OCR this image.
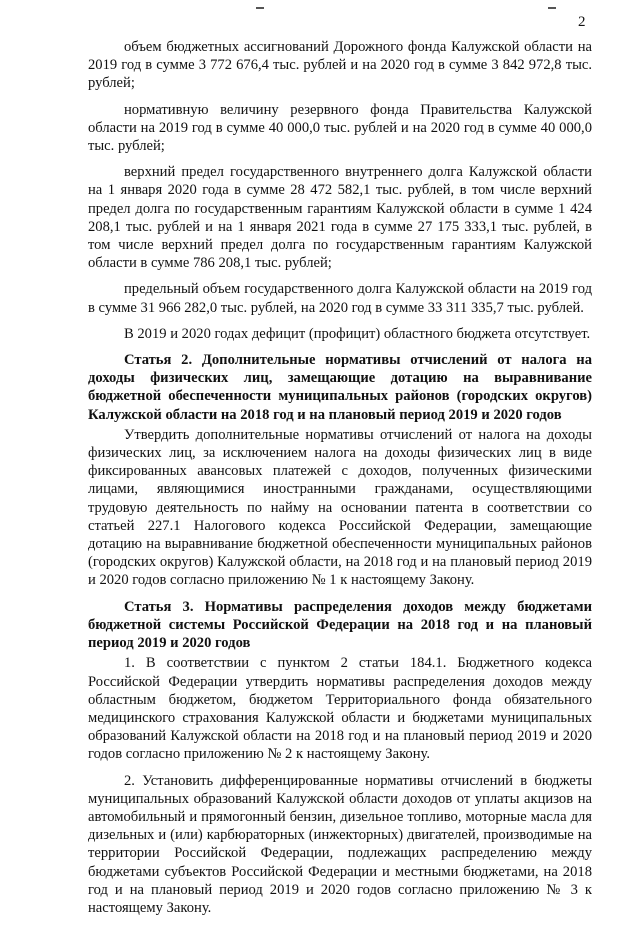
2

объем бюджетных ассигнований Дорожного фонда Калужской области на 2019 год в сумме 3 772 676,4 тыс. рублей и на 2020 год в сумме 3 842 972,8 тыс. рублей;

нормативную величину резервного фонда Правительства Калужской области на 2019 год в сумме 40 000,0 тыс. рублей и на 2020 год в сумме 40 000,0 тыс. рублей;

верхний предел государственного внутреннего долга Калужской области на 1 января 2020 года в сумме 28 472 582,1 тыс. рублей, в том числе верхний предел долга по государственным гарантиям Калужской области в сумме 1 424 208,1 тыс. рублей и на 1 января 2021 года в сумме 27 175 333,1 тыс. рублей, в том числе верхний предел долга по государственным гарантиям Калужской области в сумме 786 208,1 тыс. рублей;

предельный объем государственного долга Калужской области на 2019 год в сумме 31 966 282,0 тыс. рублей, на 2020 год в сумме 33 311 335,7 тыс. рублей.

В 2019 и 2020 годах дефицит (профицит) областного бюджета отсутствует.

Статья 2. Дополнительные нормативы отчислений от налога на доходы физических лиц, замещающие дотацию на выравнивание бюджетной обеспеченности муниципальных районов (городских округов) Калужской области на 2018 год и на плановый период 2019 и 2020 годов

Утвердить дополнительные нормативы отчислений от налога на доходы физических лиц, за исключением налога на доходы физических лиц в виде фиксированных авансовых платежей с доходов, полученных физическими лицами, являющимися иностранными гражданами, осуществляющими трудовую деятельность по найму на основании патента в соответствии со статьей 227.1 Налогового кодекса Российской Федерации, замещающие дотацию на выравнивание бюджетной обеспеченности муниципальных районов (городских округов) Калужской области, на 2018 год и на плановый период 2019 и 2020 годов согласно приложению № 1 к настоящему Закону.

Статья 3. Нормативы распределения доходов между бюджетами бюджетной системы Российской Федерации на 2018 год и на плановый период 2019 и 2020 годов

1. В соответствии с пунктом 2 статьи 184.1. Бюджетного кодекса Российской Федерации утвердить нормативы распределения доходов между областным бюджетом, бюджетом Территориального фонда обязательного медицинского страхования Калужской области и бюджетами муниципальных образований Калужской области на 2018 год и на плановый период 2019 и 2020 годов согласно приложению № 2 к настоящему Закону.

2. Установить дифференцированные нормативы отчислений в бюджеты муниципальных образований Калужской области доходов от уплаты акцизов на автомобильный и прямогонный бензин, дизельное топливо, моторные масла для дизельных и (или) карбюраторных (инжекторных) двигателей, производимые на территории Российской Федерации, подлежащих распределению между бюджетами субъектов Российской Федерации и местными бюджетами, на 2018 год и на плановый период 2019 и 2020 годов согласно приложению № 3 к настоящему Закону.
